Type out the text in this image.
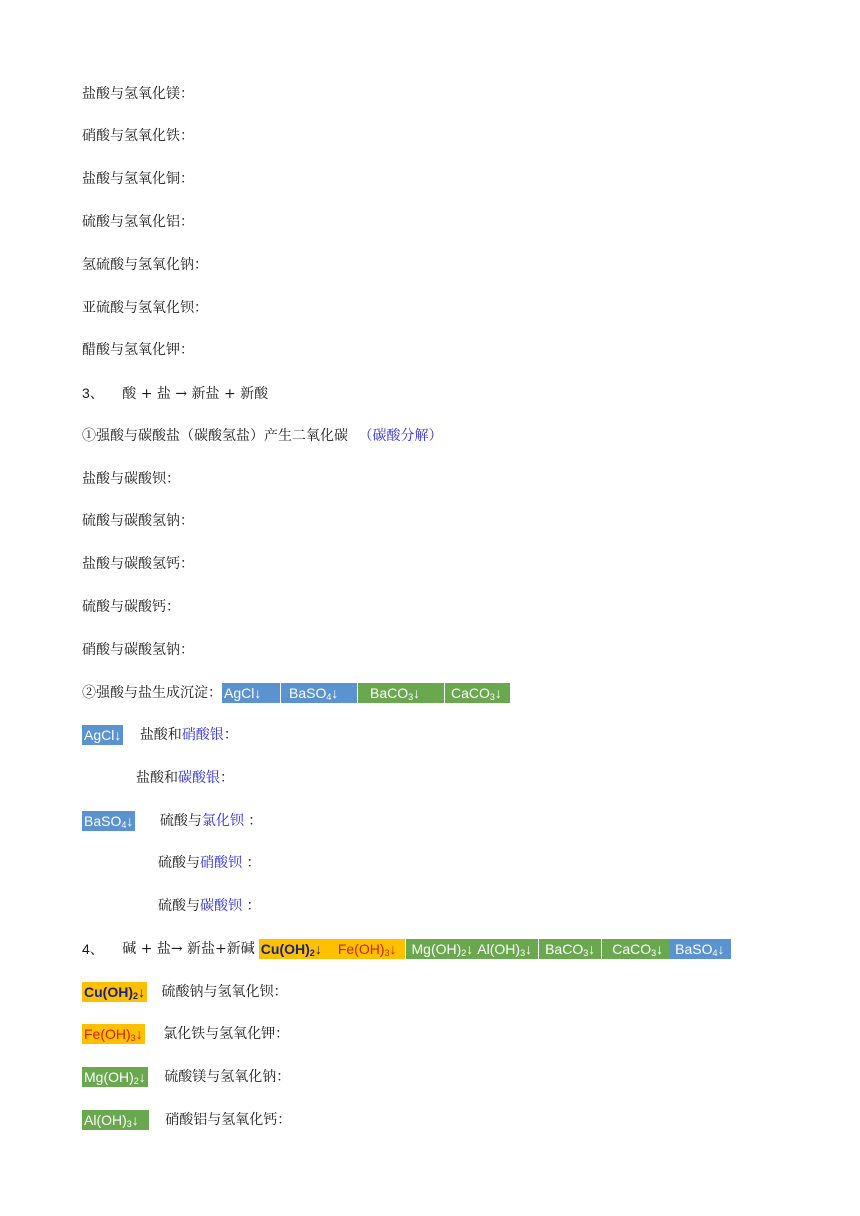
盐酸与氢氧化镁：
硝酸与氢氧化铁：
盐酸与氢氧化铜：
硫酸与氢氧化铝：
氢硫酸与氢氧化钠：
亚硫酸与氢氧化钡：
醋酸与氢氧化钾：
3、 酸 + 盐 → 新盐 + 新酸
①强酸与碳酸盐（碳酸氢盐）产生二氧化碳 （碳酸分解）
盐酸与碳酸钡：
硫酸与碳酸氢钠：
盐酸与碳酸氢钙：
硫酸与碳酸钙：
硝酸与碳酸氢钠：
②强酸与盐生成沉淀： AgCl↓	BaSO$_4$↓	BaCO$_3$↓	CaCO$_3$↓
AgCl↓ 盐酸和硝酸银：
盐酸和碳酸银：
BaSO$_4$↓ 硫酸与氯化钡 ：
硫酸与硝酸钡 ：
硫酸与碳酸钡 ：
4、 碱 + 盐→ 新盐+新碱 $Cu(OH)_2↓$	$Fe(OH)_3↓$	$Mg(OH)_2↓$ $Al(OH)_3↓$ BaCO$_3$↓	CaCO$_3$↓ BaSO$_4$↓
$Cu(OH)_2↓$ 硫酸钠与氢氧化钡：
$Fe(OH)_3↓$ 氯化铁与氢氧化钾：
$Mg(OH)_2↓$ 硫酸镁与氢氧化钠：
$Al(OH)_3↓$ 硝酸铝与氢氧化钙：
